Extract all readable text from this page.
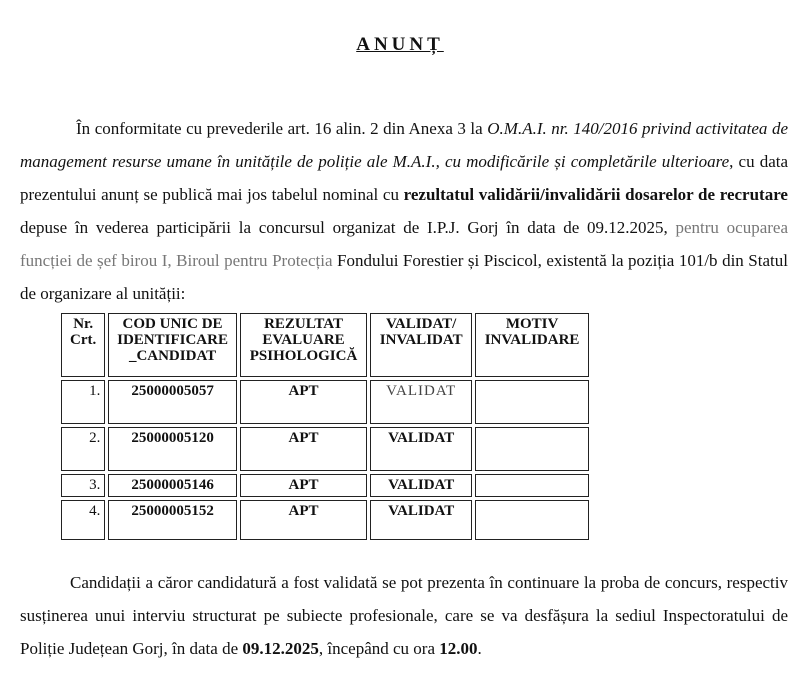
ANUNȚ

În conformitate cu prevederile art. 16 alin. 2 din Anexa 3 la O.M.A.I. nr. 140/2016 privind activitatea de management resurse umane în unitățile de poliție ale M.A.I., cu modificările și completările ulterioare, cu data prezentului anunț se publică mai jos tabelul nominal cu rezultatul validării/invalidării dosarelor de recrutare depuse în vederea participării la concursul organizat de I.P.J. Gorj în data de 09.12.2025, pentru ocuparea funcției de șef birou I, Biroul pentru Protecția Fondului Forestier și Piscicol, existentă la poziția 101/b din Statul de organizare al unității:

Nr. Crt.	COD UNIC DE IDENTIFICARE _CANDIDAT	REZULTAT EVALUARE PSIHOLOGICĂ	VALIDAT/ INVALIDAT	MOTIV INVALIDARE
1.	25000005057	APT	VALIDAT	
2.	25000005120	APT	VALIDAT	
3.	25000005146	APT	VALIDAT	
4.	25000005152	APT	VALIDAT	

Candidații a căror candidatură a fost validată se pot prezenta în continuare la proba de concurs, respectiv susținerea unui interviu structurat pe subiecte profesionale, care se va desfășura la sediul Inspectoratului de Poliție Județean Gorj, în data de 09.12.2025, începând cu ora 12.00.
